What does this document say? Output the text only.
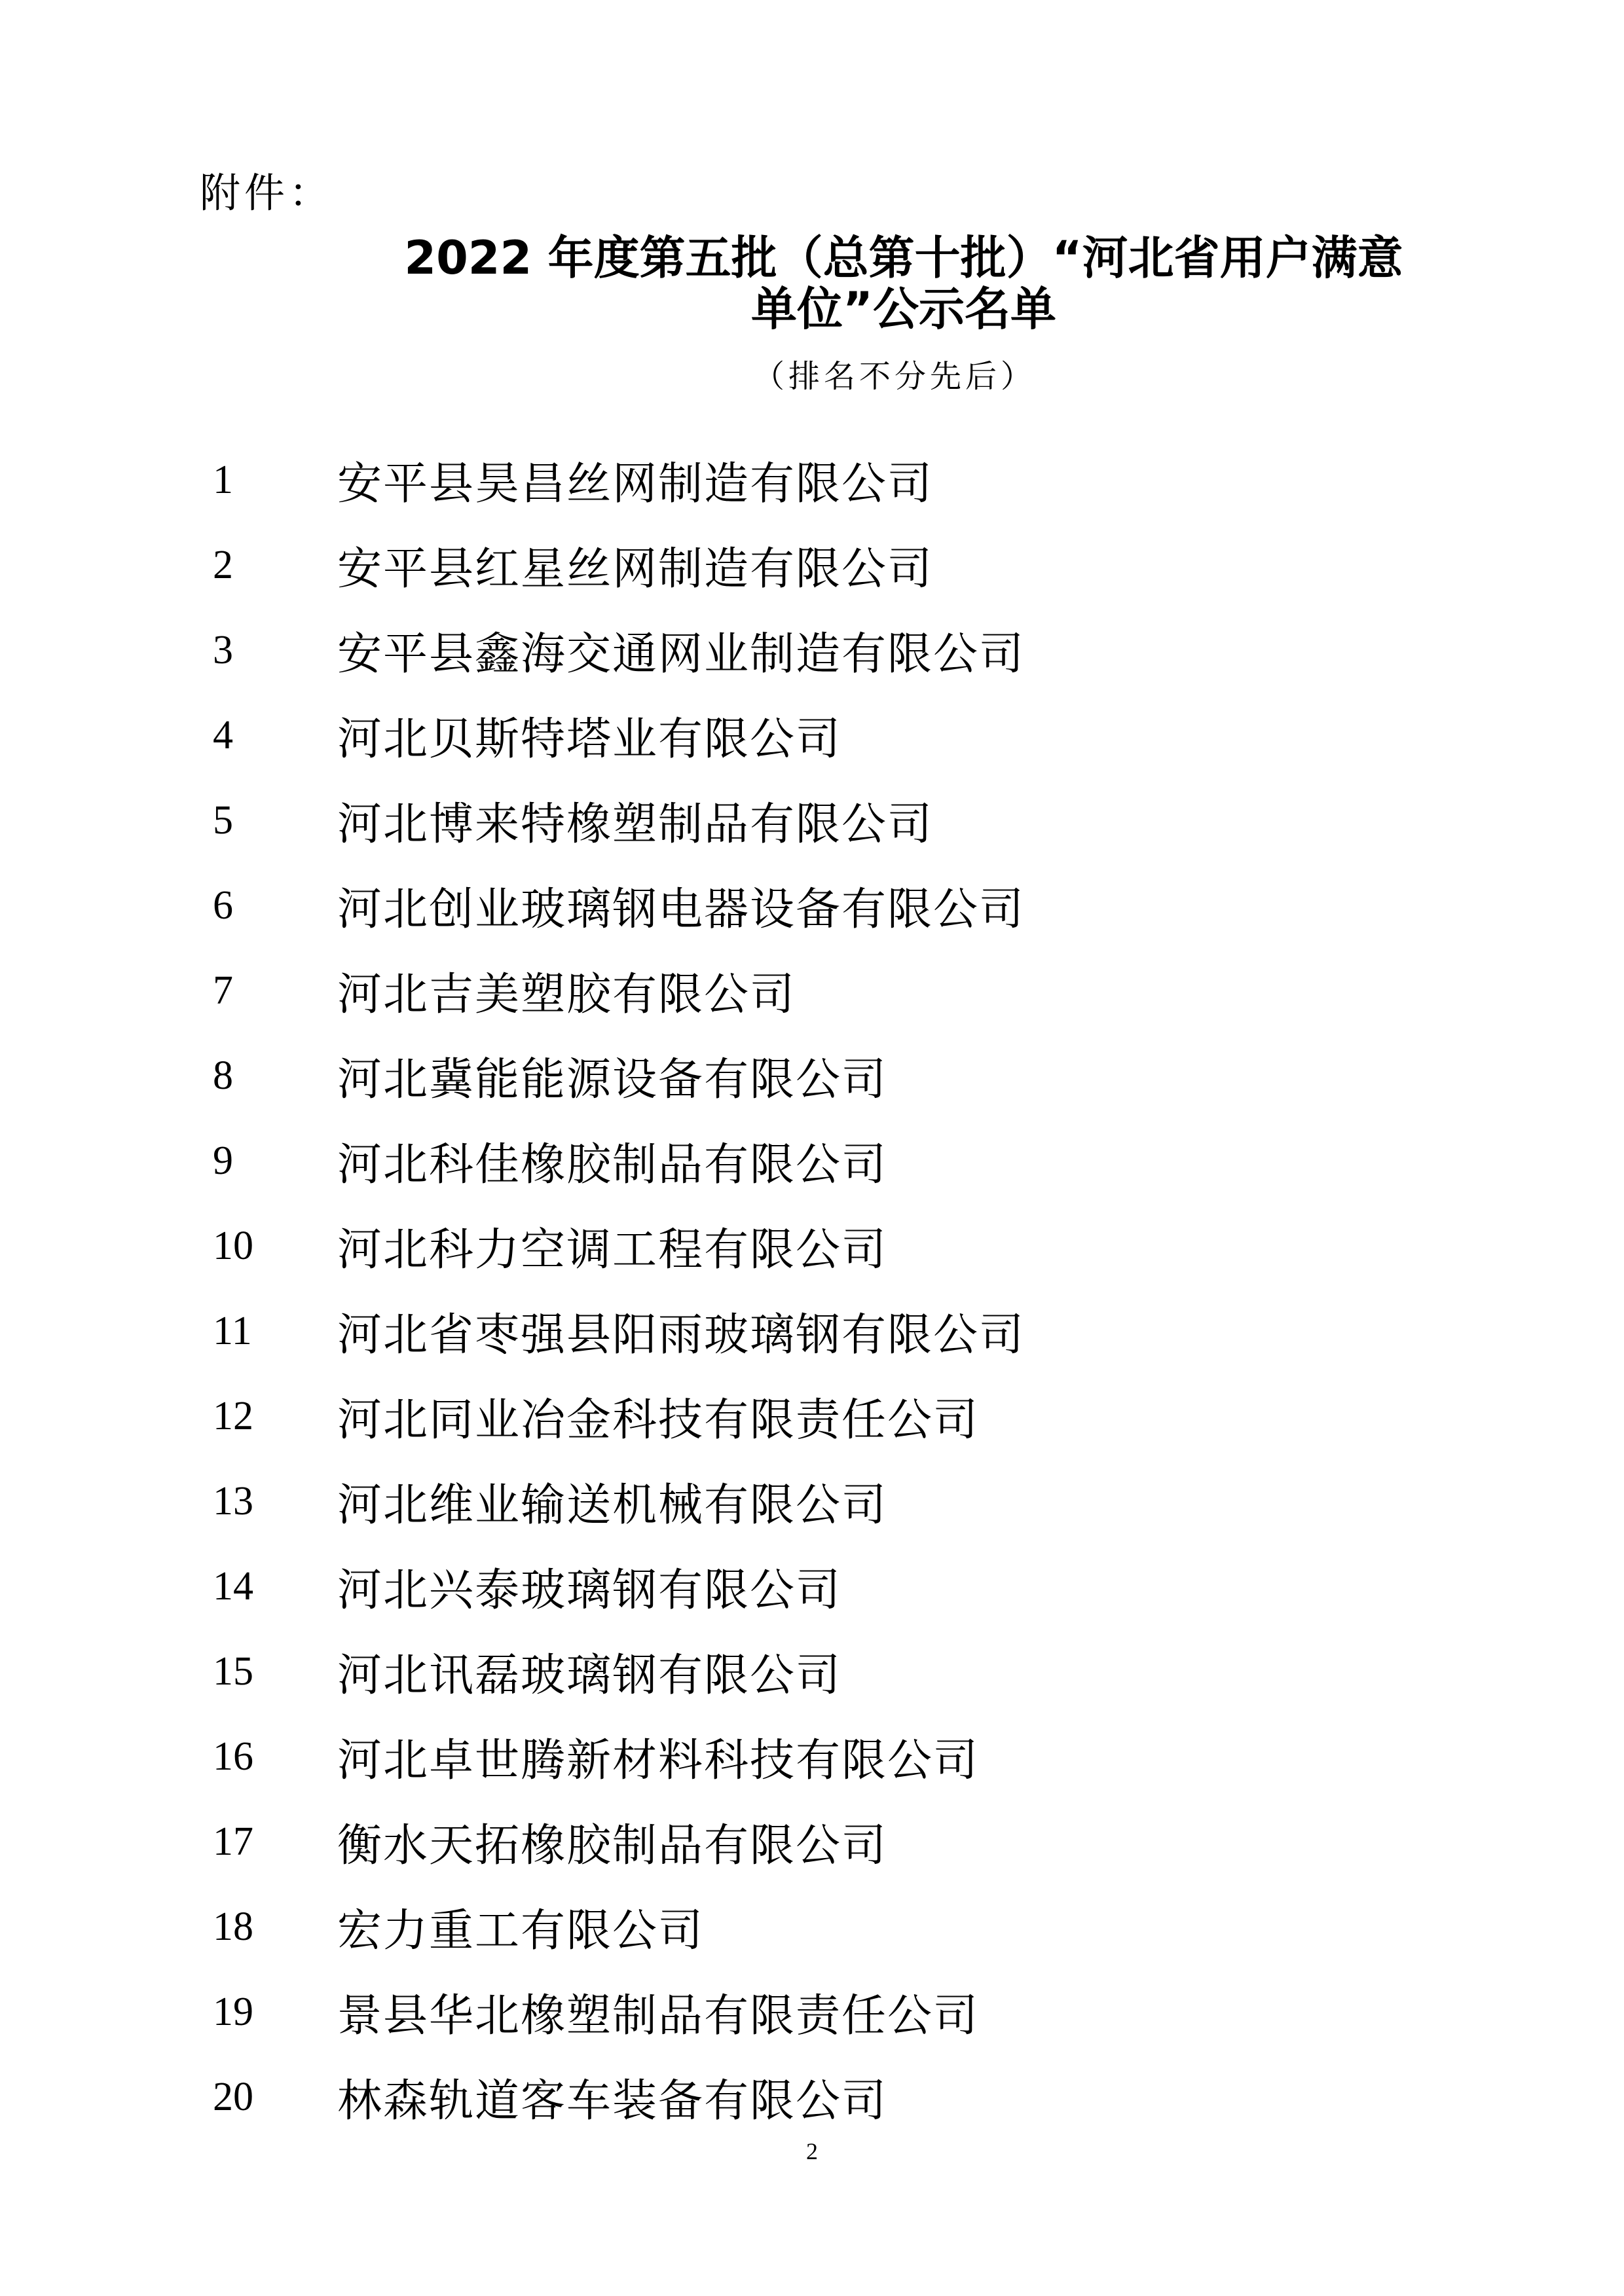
附件：
2022 年度第五批（总第十批）“河北省用户满意
单位”公示名单
（排名不分先后）
1	安平县昊昌丝网制造有限公司
2	安平县红星丝网制造有限公司
3	安平县鑫海交通网业制造有限公司
4	河北贝斯特塔业有限公司
5	河北博来特橡塑制品有限公司
6	河北创业玻璃钢电器设备有限公司
7	河北吉美塑胶有限公司
8	河北冀能能源设备有限公司
9	河北科佳橡胶制品有限公司
10	河北科力空调工程有限公司
11	河北省枣强县阳雨玻璃钢有限公司
12	河北同业冶金科技有限责任公司
13	河北维业输送机械有限公司
14	河北兴泰玻璃钢有限公司
15	河北讯磊玻璃钢有限公司
16	河北卓世腾新材料科技有限公司
17	衡水天拓橡胶制品有限公司
18	宏力重工有限公司
19	景县华北橡塑制品有限责任公司
20	林森轨道客车装备有限公司
2
